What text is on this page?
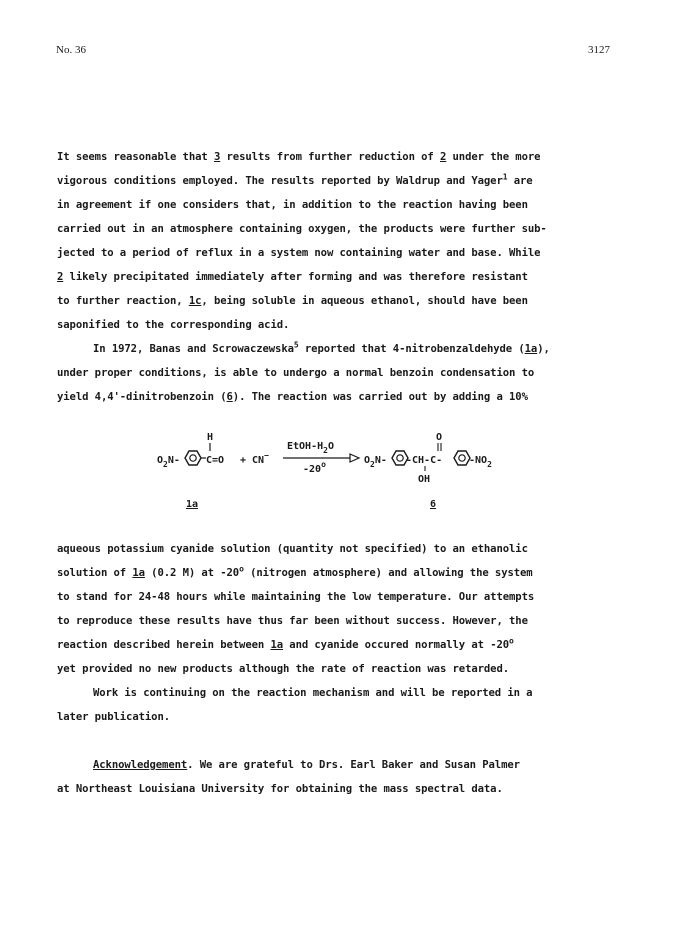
No. 36	3127

It seems reasonable that 3 results from further reduction of 2 under the more
vigorous conditions employed. The results reported by Waldrup and Yager$^1$ are
in agreement if one considers that, in addition to the reaction having been
carried out in an atmosphere containing oxygen, the products were further sub-
jected to a period of reflux in a system now containing water and base. While
2 likely precipitated immediately after forming and was therefore resistant
to further reaction, 1c, being soluble in aqueous ethanol, should have been
saponified to the corresponding acid.

In 1972, Banas and Scrowaczewska$^5$ reported that 4-nitrobenzaldehyde (1a),
under proper conditions, is able to undergo a normal benzoin condensation to
yield 4,4'-dinitrobenzoin (6). The reaction was carried out by adding a 10%

$O_2N-$
H
C=O + CN−
EtOH-$H_2O$
-20$^o$	$O_2N-$ -CH-C-
O
OH
$-NO_2$
1a	6

aqueous potassium cyanide solution (quantity not specified) to an ethanolic
solution of 1a (0.2 M) at -20$^o$ (nitrogen atmosphere) and allowing the system
to stand for 24-48 hours while maintaining the low temperature. Our attempts
to reproduce these results have thus far been without success. However, the
reaction described herein between 1a and cyanide occured normally at -20$^o$
yet provided no new products although the rate of reaction was retarded.

Work is continuing on the reaction mechanism and will be reported in a
later publication.

Acknowledgement. We are grateful to Drs. Earl Baker and Susan Palmer
at Northeast Louisiana University for obtaining the mass spectral data.
